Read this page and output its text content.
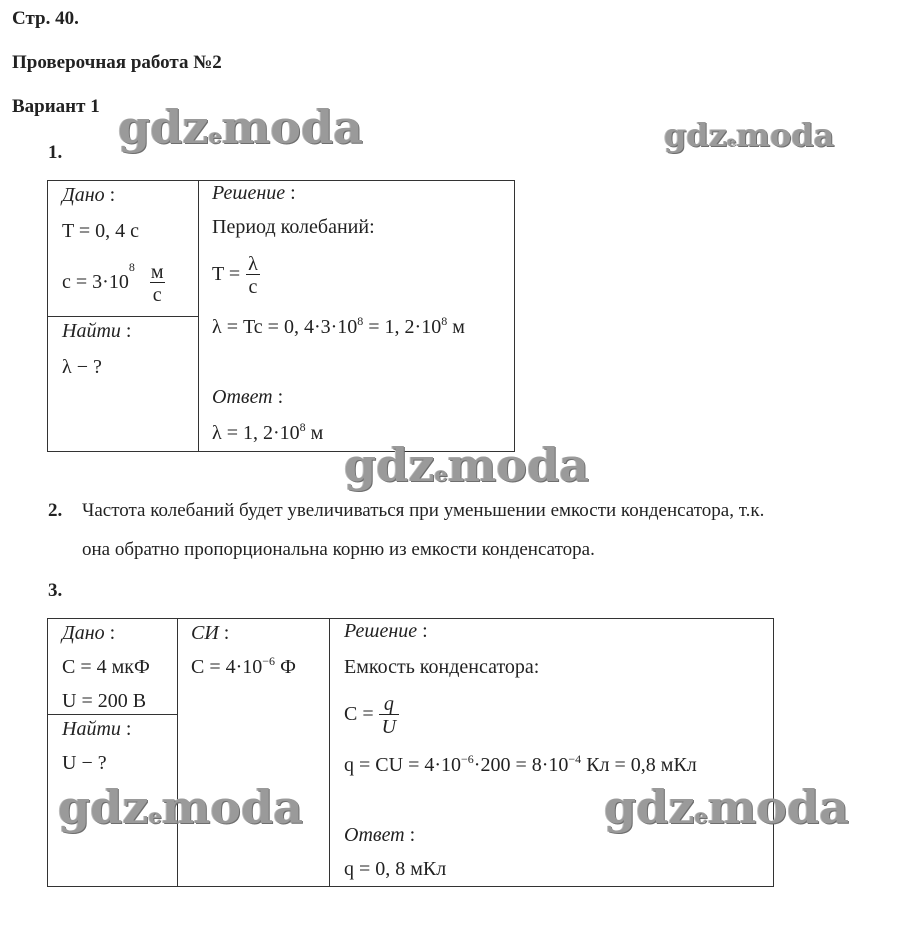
Стр. 40.
Проверочная работа №2
Вариант 1
1.
Дано :
T = 0, 4 с
$c = 3\cdot 10^8 \frac{м}{с}$
Найти :
λ − ?
Решение :
Период колебаний:
$T = \frac{\lambda}{c}$
λ = Tc = 0, $4\cdot 3\cdot 10^8 = 1$, $2\cdot 10^8$ м
Ответ :
λ = 1, $2\cdot 10^8$ м
2. Частота колебаний будет увеличиваться при уменьшении емкости конденсатора, т.к.
она обратно пропорциональна корню из емкости конденсатора.
3.
Дано :
C = 4 мкФ
U = 200 В
Найти :
U − ?
СИ :
$C = 4\cdot 10^{-6}$ Ф
Решение :
Емкость конденсатора:
$C = \frac{q}{U}$
q = CU = $4\cdot 10^{-6}\cdot 200 = 8\cdot 10^{-4}$ Кл = 0,8 мКл
Ответ :
q = 0, 8 мКл
gdzemoda	gdzemoda
gdzemoda
gdzemoda	gdzemoda
